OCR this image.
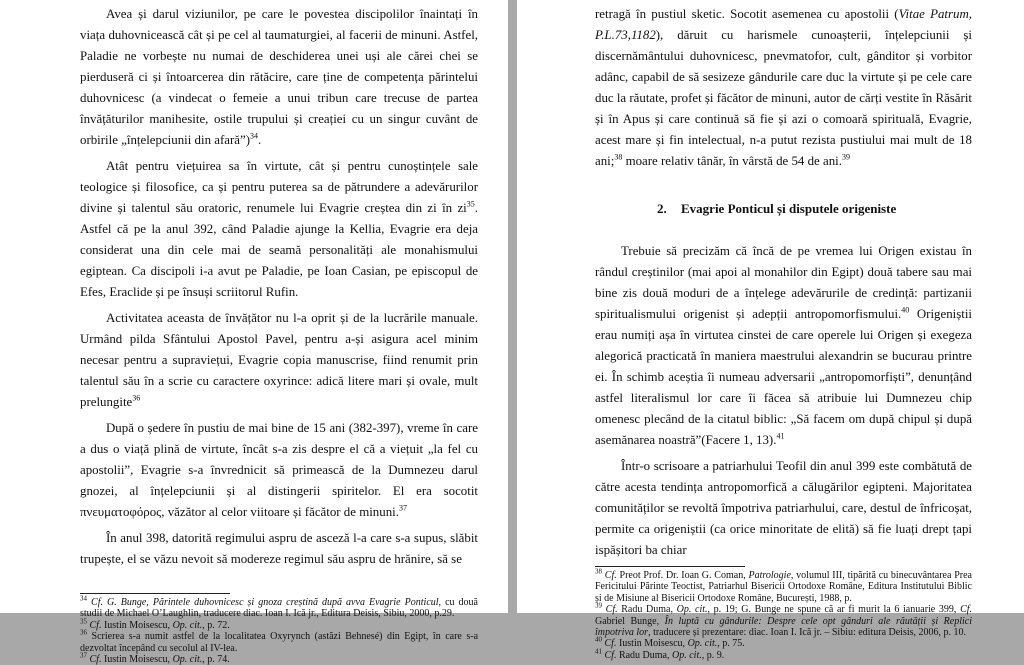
Avea și darul viziunilor, pe care le povestea discipolilor înaintați în viața duhovnicească cât și pe cel al taumaturgiei, al facerii de minuni. Astfel, Paladie ne vorbește nu numai de deschiderea unei uși ale cărei chei se pierduseră ci și întoarcerea din rătăcire, care ține de competența părintelui duhovnicesc (a vindecat o femeie a unui tribun care trecuse de partea învățăturilor manihesite, ostile trupului și creației cu un singur cuvânt de orbirile „înțelepciunii din afară”)$^{34}$.

Atât pentru viețuirea sa în virtute, cât și pentru cunoștințele sale teologice și filosofice, ca și pentru puterea sa de pătrundere a adevărurilor divine și talentul său oratoric, renumele lui Evagrie creștea din zi în $zi^{35}$. Astfel că pe la anul 392, când Paladie ajunge la Kellia, Evagrie era deja considerat una din cele mai de seamă personalități ale monahismului egiptean. Ca discipoli i-a avut pe Paladie, pe Ioan Casian, pe episcopul de Efes, Eraclide și pe însuși scriitorul Rufin.

Activitatea aceasta de învățător nu l-a oprit și de la lucrările manuale. Urmând pilda Sfântului Apostol Pavel, pentru a-și asigura acel minim necesar pentru a supraviețui, Evagrie copia manuscrise, fiind renumit prin talentul său în a scrie cu caractere oxyrince: adică litere mari și ovale, mult prelungite$^{36}$

După o ședere în pustiu de mai bine de 15 ani (382-397), vreme în care a dus o viață plină de virtute, încât s-a zis despre el că a viețuit „la fel cu apostolii”, Evagrie s-a învrednicit să primească de la Dumnezeu darul gnozei, al înțelepciunii și al distingerii spiritelor. El era socotit πνευματοφόρος, văzător al celor viitoare și făcător de minuni.$^{37}$

În anul 398, datorită regimului aspru de asceză l-a care s-a supus, slăbit trupește, el se văzu nevoit să modereze regimul său aspru de hrănire, să se

$^{34}$ Cf. G. Bunge, Părintele duhovnicesc și gnoza creștină după avva Evagrie Ponticul, cu două studii de Michael O’Laughlin, traducere diac. Ioan I. Ică jr., Editura Deisis, Sibiu, 2000, p.29.

$^{35}$ Cf. Iustin Moisescu, Op. cit., p. 72.

$^{36}$ Scrierea s-a numit astfel de la localitatea Oxyrynch (astăzi Behnesé) din Egipt, în care s-a dezvoltat începând cu secolul al IV-lea.

$^{37}$ Cf. Iustin Moisescu, Op. cit., p. 74.

retragă în pustiul sketic. Socotit asemenea cu apostolii (Vitae Patrum, P.L.73,1182), dăruit cu harismele cunoașterii, înțelepciunii și discernământului duhovnicesc, pnevmatofor, cult, gânditor și vorbitor adânc, capabil de să sesizeze gândurile care duc la virtute și pe cele care duc la răutate, profet și făcător de minuni, autor de cărți vestite în Răsărit și în Apus și care continuă să fie și azi o comoară spirituală, Evagrie, acest mare și fin intelectual, n-a putut rezista pustiului mai mult de 18 ani;$^{38}$ moare relativ tânăr, în vârstă de 54 de ani.$^{39}$

2. Evagrie Ponticul și disputele origeniste

Trebuie să precizăm că încă de pe vremea lui Origen existau în rândul creștinilor (mai apoi al monahilor din Egipt) două tabere sau mai bine zis două moduri de a înțelege adevărurile de credință: partizanii spiritualismului origenist și adepții antropomorfismului.$^{40}$ Origeniștii erau numiți așa în virtutea cinstei de care operele lui Origen și exegeza alegorică practicată în maniera maestrului alexandrin se bucurau printre ei. În schimb aceștia îi numeau adversarii „antropomorfiști”, denunțând astfel literalismul lor care îi făcea să atribuie lui Dumnezeu chip omenesc plecând de la citatul biblic: „Să facem om după chipul și după asemănarea noastră”(Facere 1, 13).$^{41}$

Într-o scrisoare a patriarhului Teofil din anul 399 este combătută de către acesta tendința antropomorfică a călugărilor egipteni. Majoritatea comunităților se revoltă împotriva patriarhului, care, destul de înfricoșat, permite ca origeniștii (ca orice minoritate de elită) să fie luați drept țapi ispășitori ba chiar

$^{38}$ Cf. Preot Prof. Dr. Ioan G. Coman, Patrologie, volumul III, tipărită cu binecuvântarea Prea Fericitului Părinte Teoctist, Patriarhul Bisericii Ortodoxe Române, Editura Institutului Biblic și de Misiune al Bisericii Ortodoxe Române, București, 1988, p.

$^{39}$ Cf. Radu Duma, Op. cit., p. 19; G. Bunge ne spune că ar fi murit la 6 ianuarie 399, Cf. Gabriel Bunge, În luptă cu gândurile: Despre cele opt gânduri ale răutății și Replici împotriva lor, traducere și prezentare: diac. Ioan I. Ică jr. – Sibiu: editura Deisis, 2006, p. 10.

$^{40}$ Cf. Iustin Moisescu, Op. cit., p. 75.

$^{41}$ Cf. Radu Duma, Op. cit., p. 9.
